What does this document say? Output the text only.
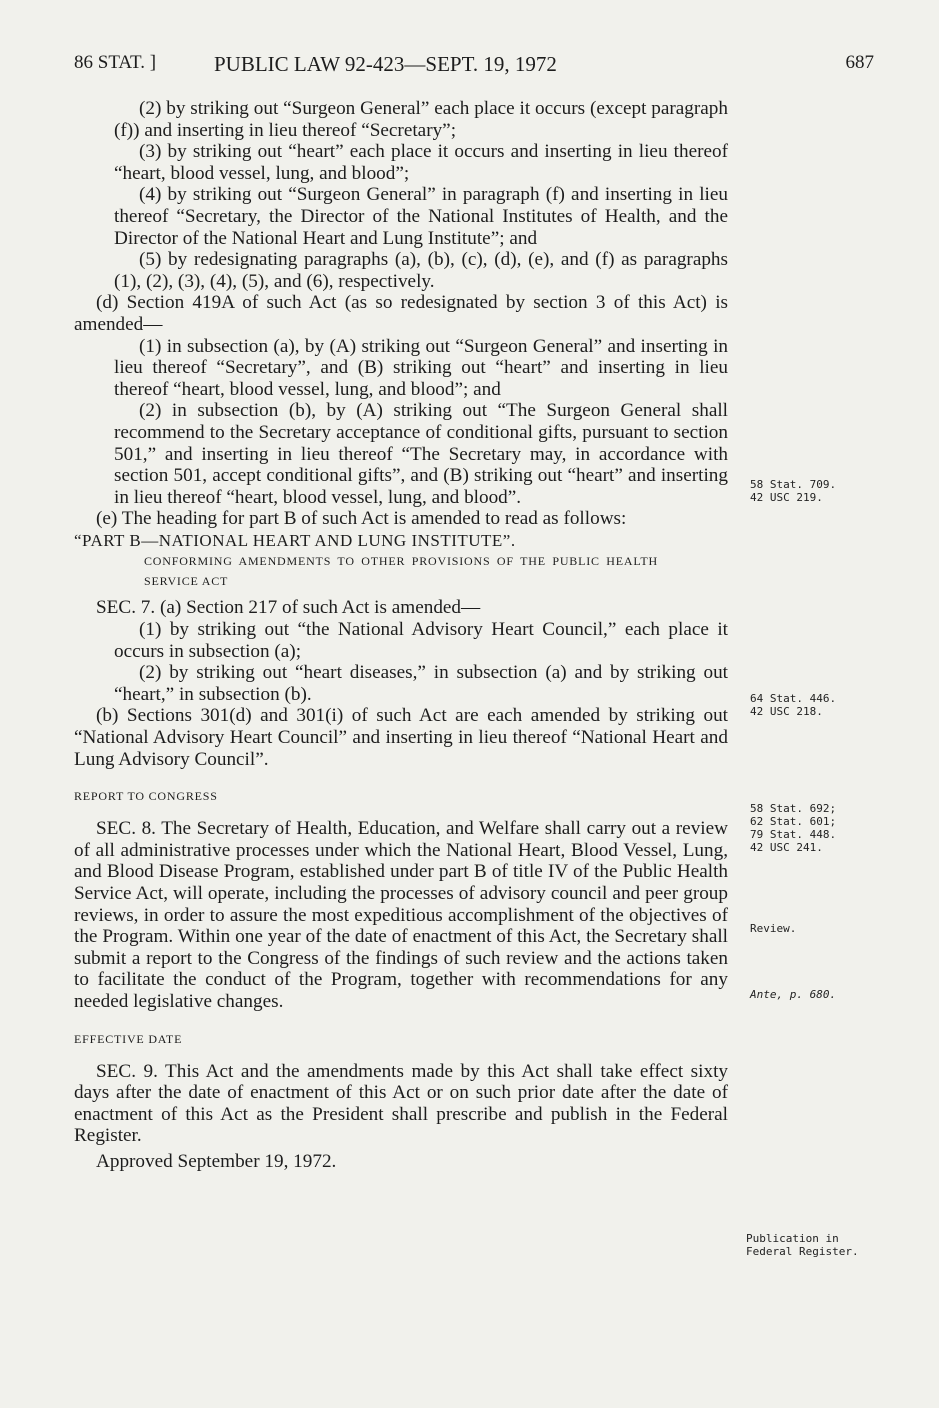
86 STAT. ]	PUBLIC LAW 92-423—SEPT. 19, 1972	687

(2) by striking out “Surgeon General” each place it occurs (except paragraph (f)) and inserting in lieu thereof “Secretary”;

(3) by striking out “heart” each place it occurs and inserting in lieu thereof “heart, blood vessel, lung, and blood”;

(4) by striking out “Surgeon General” in paragraph (f) and inserting in lieu thereof “Secretary, the Director of the National Institutes of Health, and the Director of the National Heart and Lung Institute”; and

(5) by redesignating paragraphs (a), (b), (c), (d), (e), and (f) as paragraphs (1), (2), (3), (4), (5), and (6), respectively.

(d) Section 419A of such Act (as so redesignated by section 3 of this Act) is amended—

(1) in subsection (a), by (A) striking out “Surgeon General” and inserting in lieu thereof “Secretary”, and (B) striking out “heart” and inserting in lieu thereof “heart, blood vessel, lung, and blood”; and

(2) in subsection (b), by (A) striking out “The Surgeon General shall recommend to the Secretary acceptance of conditional gifts, pursuant to section 501,” and inserting in lieu thereof “The Secretary may, in accordance with section 501, accept conditional gifts”, and (B) striking out “heart” and inserting in lieu thereof “heart, blood vessel, lung, and blood”.

(e) The heading for part B of such Act is amended to read as follows:

“PART B—NATIONAL HEART AND LUNG INSTITUTE”.

CONFORMING AMENDMENTS TO OTHER PROVISIONS OF THE PUBLIC HEALTH SERVICE ACT

SEC. 7. (a) Section 217 of such Act is amended—

(1) by striking out “the National Advisory Heart Council,” each place it occurs in subsection (a);

(2) by striking out “heart diseases,” in subsection (a) and by striking out “heart,” in subsection (b).

(b) Sections 301(d) and 301(i) of such Act are each amended by striking out “National Advisory Heart Council” and inserting in lieu thereof “National Heart and Lung Advisory Council”.

REPORT TO CONGRESS

SEC. 8. The Secretary of Health, Education, and Welfare shall carry out a review of all administrative processes under which the National Heart, Blood Vessel, Lung, and Blood Disease Program, established under part B of title IV of the Public Health Service Act, will operate, including the processes of advisory council and peer group reviews, in order to assure the most expeditious accomplishment of the objectives of the Program. Within one year of the date of enactment of this Act, the Secretary shall submit a report to the Congress of the findings of such review and the actions taken to facilitate the conduct of the Program, together with recommendations for any needed legislative changes.

EFFECTIVE DATE

SEC. 9. This Act and the amendments made by this Act shall take effect sixty days after the date of enactment of this Act or on such prior date after the date of enactment of this Act as the President shall prescribe and publish in the Federal Register.

Approved September 19, 1972.

58 Stat. 709.
42 USC 219.
64 Stat. 446.
42 USC 218.
58 Stat. 692;
62 Stat. 601;
79 Stat. 448.
42 USC 241.
Review.
Ante, p. 680.
Publication in
Federal Register.
